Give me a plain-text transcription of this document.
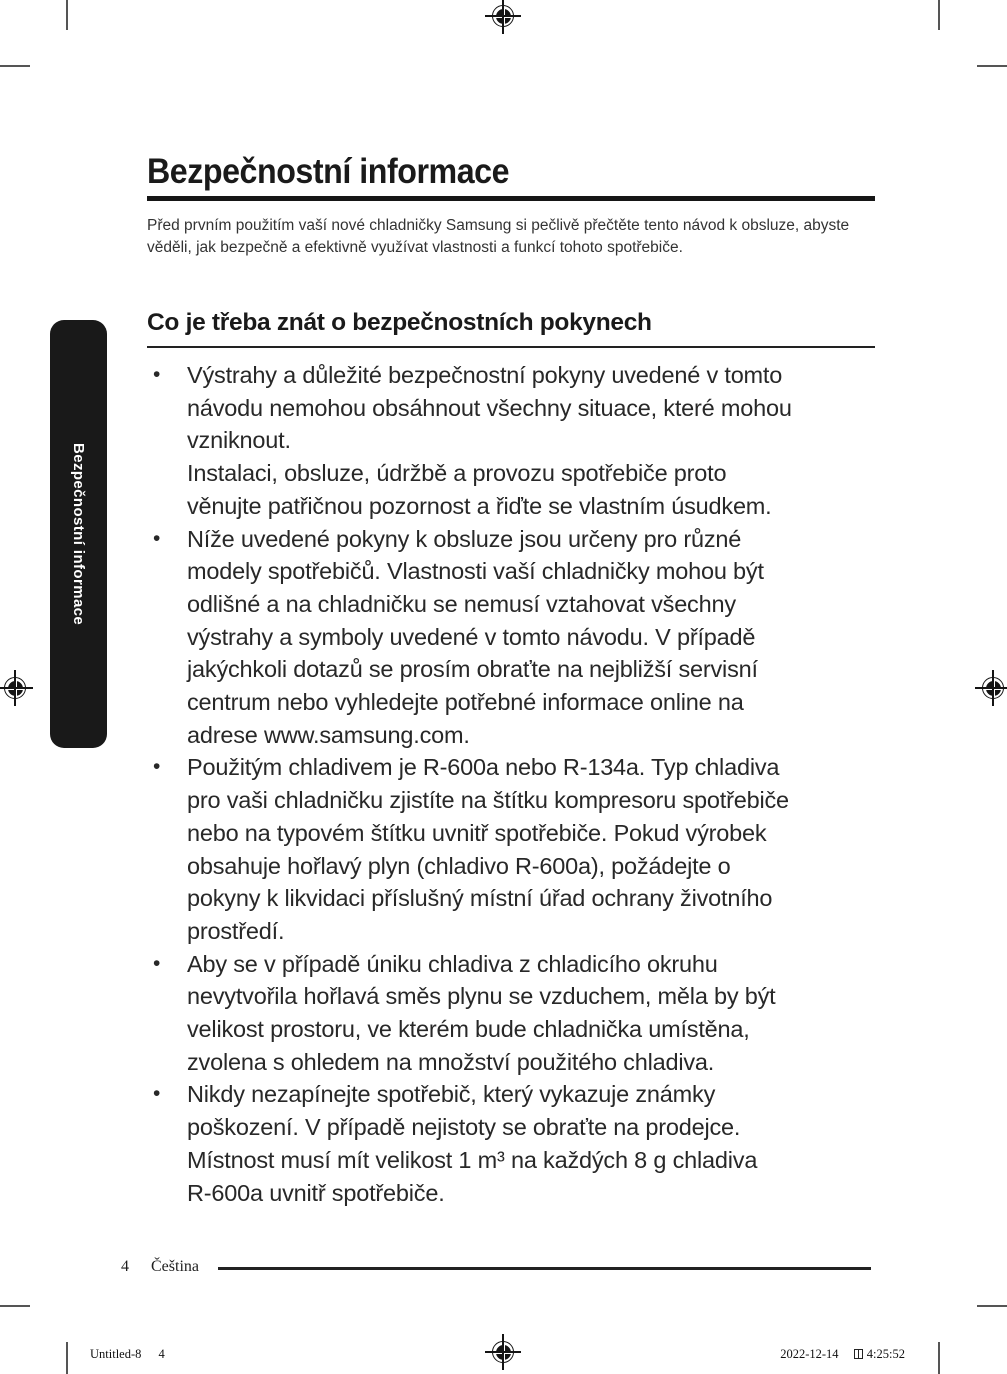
Bezpečnostní informace
Bezpečnostní informace
Před prvním použitím vaší nové chladničky Samsung si pečlivě přečtěte tento návod k obsluze, abyste
věděli, jak bezpečně a efektivně využívat vlastnosti a funkcí tohoto spotřebiče.
Co je třeba znát o bezpečnostních pokynech
•	Výstrahy a důležité bezpečnostní pokyny uvedené v tomto
návodu nemohou obsáhnout všechny situace, které mohou
vzniknout.
Instalaci, obsluze, údržbě a provozu spotřebiče proto
věnujte patřičnou pozornost a řiďte se vlastním úsudkem.
•	Níže uvedené pokyny k obsluze jsou určeny pro různé
modely spotřebičů. Vlastnosti vaší chladničky mohou být
odlišné a na chladničku se nemusí vztahovat všechny
výstrahy a symboly uvedené v tomto návodu. V případě
jakýchkoli dotazů se prosím obraťte na nejbližší servisní
centrum nebo vyhledejte potřebné informace online na
adrese www.samsung.com.
•	Použitým chladivem je R-600a nebo R-134a. Typ chladiva
pro vaši chladničku zjistíte na štítku kompresoru spotřebiče
nebo na typovém štítku uvnitř spotřebiče. Pokud výrobek
obsahuje hořlavý plyn (chladivo R-600a), požádejte o
pokyny k likvidaci příslušný místní úřad ochrany životního
prostředí.
•	Aby se v případě úniku chladiva z chladicího okruhu
nevytvořila hořlavá směs plynu se vzduchem, měla by být
velikost prostoru, ve kterém bude chladnička umístěna,
zvolena s ohledem na množství použitého chladiva.
•	Nikdy nezapínejte spotřebič, který vykazuje známky
poškození. V případě nejistoty se obraťte na prodejce.
Místnost musí mít velikost 1 m³ na každých 8 g chladiva
R-600a uvnitř spotřebiče.
4 Čeština
Untitled-8 4	2022-12-14 4:25:52
